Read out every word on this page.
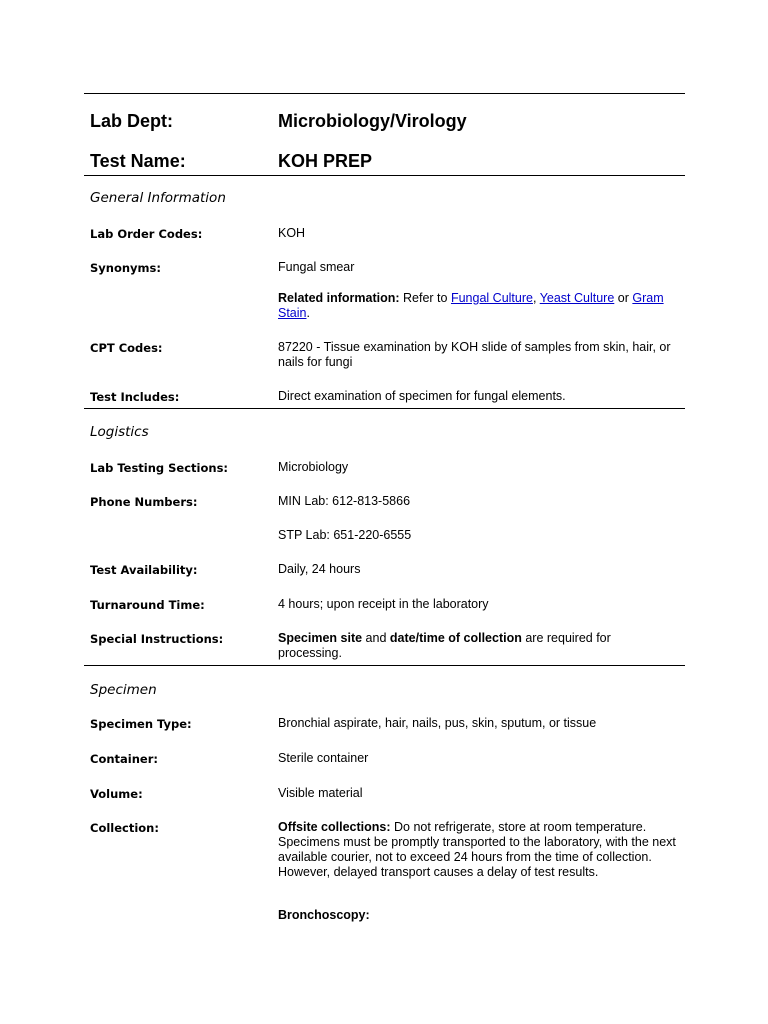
Lab Dept:	Microbiology/Virology
Test Name:	KOH PREP
General Information
Lab Order Codes:	KOH
Synonyms:	Fungal smear
Related information: Refer to Fungal Culture, Yeast Culture or Gram Stain.
CPT Codes:	87220 - Tissue examination by KOH slide of samples from skin, hair, or nails for fungi
Test Includes:	Direct examination of specimen for fungal elements.
Logistics
Lab Testing Sections:	Microbiology
Phone Numbers:	MIN Lab: 612-813-5866
STP Lab: 651-220-6555
Test Availability:	Daily, 24 hours
Turnaround Time:	4 hours; upon receipt in the laboratory
Special Instructions:	Specimen site and date/time of collection are required for processing.
Specimen
Specimen Type:	Bronchial aspirate, hair, nails, pus, skin, sputum, or tissue
Container:	Sterile container
Volume:	Visible material
Collection:	Offsite collections: Do not refrigerate, store at room temperature. Specimens must be promptly transported to the laboratory, with the next available courier, not to exceed 24 hours from the time of collection. However, delayed transport causes a delay of test results.
Bronchoscopy:
